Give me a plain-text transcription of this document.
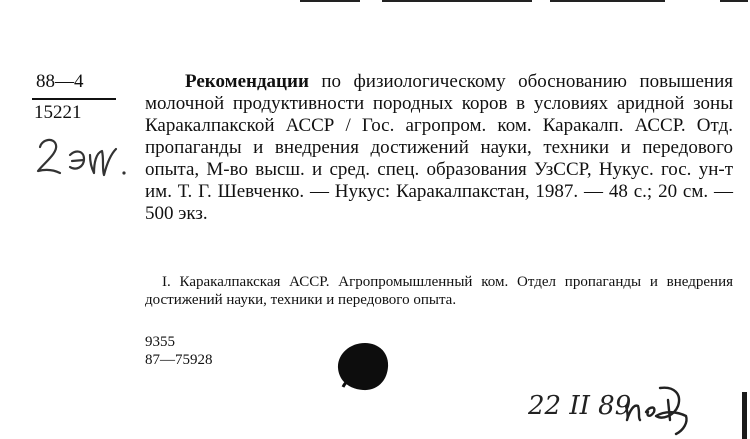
88—4
15221

Рекомендации по физиологическому обоснованию повышения молочной продуктивности породных коров в условиях аридной зоны Каракалпакской АССР / Гос. агропром. ком. Каракалп. АССР. Отд. пропаганды и внедрения достижений науки, техники и передового опыта, М-во высш. и сред. спец. образования УзССР, Нукус. гос. ун-т им. Т. Г. Шевченко. — Нукус: Каракалпакстан, 1987. — 48 с.; 20 см. — 500 экз.

I. Каракалпакская АССР. Агропромышленный ком. Отдел пропаганды и внедрения достижений науки, техники и передового опыта.

9355
87—75928
22 II 89
